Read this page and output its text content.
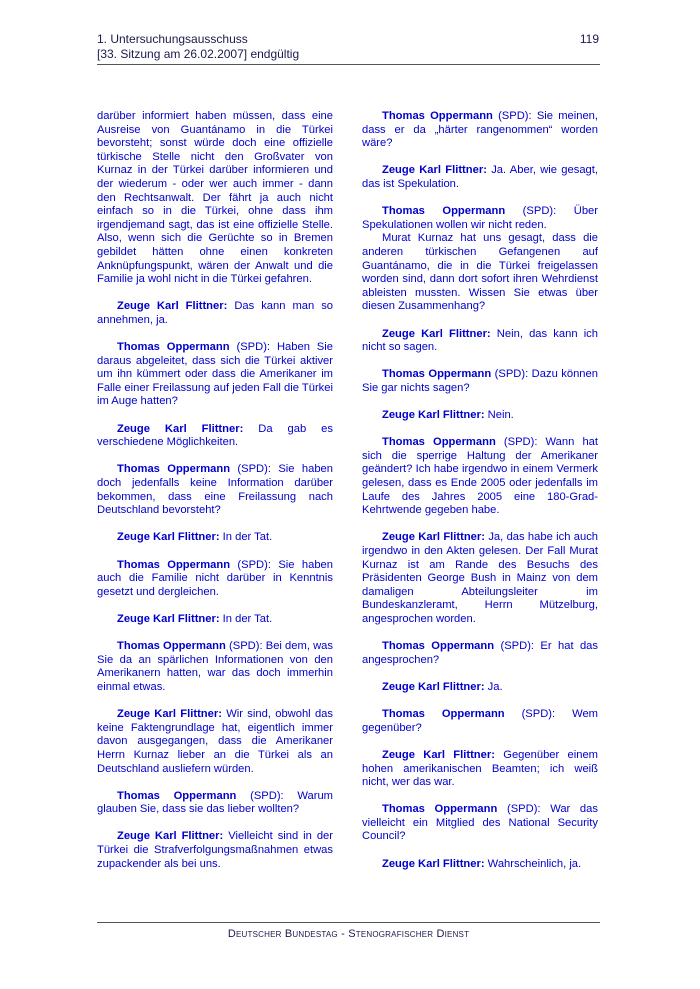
1. Untersuchungsausschuss
[33. Sitzung am 26.02.2007] endgültig
119

darüber informiert haben müssen, dass eine Ausreise von Guantánamo in die Türkei bevorsteht; sonst würde doch eine offizielle türkische Stelle nicht den Großvater von Kurnaz in der Türkei darüber informieren und der wiederum - oder wer auch immer - dann den Rechtsanwalt. Der fährt ja auch nicht einfach so in die Türkei, ohne dass ihm irgendjemand sagt, das ist eine offizielle Stelle. Also, wenn sich die Gerüchte so in Bremen gebildet hätten ohne einen konkreten Anknüpfungspunkt, wären der Anwalt und die Familie ja wohl nicht in die Türkei gefahren.

Zeuge Karl Flittner: Das kann man so annehmen, ja.

Thomas Oppermann (SPD): Haben Sie daraus abgeleitet, dass sich die Türkei aktiver um ihn kümmert oder dass die Amerikaner im Falle einer Freilassung auf jeden Fall die Türkei im Auge hatten?

Zeuge Karl Flittner: Da gab es verschiedene Möglichkeiten.

Thomas Oppermann (SPD): Sie haben doch jedenfalls keine Information darüber bekommen, dass eine Freilassung nach Deutschland bevorsteht?

Zeuge Karl Flittner: In der Tat.

Thomas Oppermann (SPD): Sie haben auch die Familie nicht darüber in Kenntnis gesetzt und dergleichen.

Zeuge Karl Flittner: In der Tat.

Thomas Oppermann (SPD): Bei dem, was Sie da an spärlichen Informationen von den Amerikanern hatten, war das doch immerhin einmal etwas.

Zeuge Karl Flittner: Wir sind, obwohl das keine Faktengrundlage hat, eigentlich immer davon ausgegangen, dass die Amerikaner Herrn Kurnaz lieber an die Türkei als an Deutschland ausliefern würden.

Thomas Oppermann (SPD): Warum glauben Sie, dass sie das lieber wollten?

Zeuge Karl Flittner: Vielleicht sind in der Türkei die Strafverfolgungsmaßnahmen etwas zupackender als bei uns.

Thomas Oppermann (SPD): Sie meinen, dass er da „härter rangenommen“ worden wäre?

Zeuge Karl Flittner: Ja. Aber, wie gesagt, das ist Spekulation.

Thomas Oppermann (SPD): Über Spekulationen wollen wir nicht reden.

Murat Kurnaz hat uns gesagt, dass die anderen türkischen Gefangenen auf Guantánamo, die in die Türkei freigelassen worden sind, dann dort sofort ihren Wehrdienst ableisten mussten. Wissen Sie etwas über diesen Zusammenhang?

Zeuge Karl Flittner: Nein, das kann ich nicht so sagen.

Thomas Oppermann (SPD): Dazu können Sie gar nichts sagen?

Zeuge Karl Flittner: Nein.

Thomas Oppermann (SPD): Wann hat sich die sperrige Haltung der Amerikaner geändert? Ich habe irgendwo in einem Vermerk gelesen, dass es Ende 2005 oder jedenfalls im Laufe des Jahres 2005 eine 180-Grad-Kehrtwende gegeben habe.

Zeuge Karl Flittner: Ja, das habe ich auch irgendwo in den Akten gelesen. Der Fall Murat Kurnaz ist am Rande des Besuchs des Präsidenten George Bush in Mainz von dem damaligen Abteilungsleiter im Bundeskanzleramt, Herrn Mützelburg, angesprochen worden.

Thomas Oppermann (SPD): Er hat das angesprochen?

Zeuge Karl Flittner: Ja.

Thomas Oppermann (SPD): Wem gegenüber?

Zeuge Karl Flittner: Gegenüber einem hohen amerikanischen Beamten; ich weiß nicht, wer das war.

Thomas Oppermann (SPD): War das vielleicht ein Mitglied des National Security Council?

Zeuge Karl Flittner: Wahrscheinlich, ja.

Deutscher Bundestag - Stenografischer Dienst
